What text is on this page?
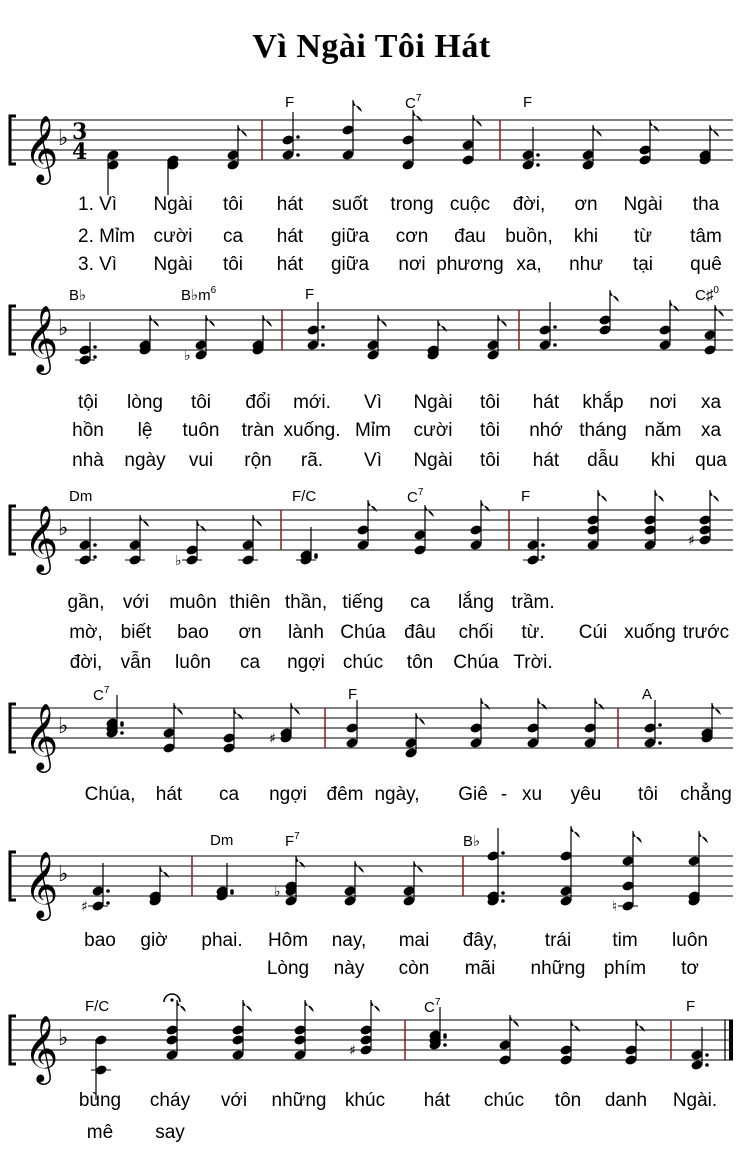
Vì Ngài Tôi Hát
𝄞 ♭ 3
4
F	$C^7$	F
1. Vì Ngài tôi hát suốt trong cuộc đời, ơn Ngài tha
2. Mỉm cười ca hát giữa cơn đau buồn, khi từ tâm
3. Vì Ngài tôi hát giữa nơi phương xa, như tại quê
𝄞 ♭
♭
B♭	$B♭m^6$	F	C♯$^0$
tội lòng tôi đổi mới. Vì Ngài tôi hát khắp nơi xa
hồn lệ tuôn tràn xuống. Mỉm cười tôi nhớ tháng năm xa
nhà ngày vui rộn rã. Vì Ngài tôi hát dẫu khi qua
𝄞 ♭
♭
♯
Dm	F/C	$C^7$	F
gần, với muôn thiên thần, tiếng ca lắng trầm.
mờ, biết bao ơn lành Chúa đâu chối từ. Cúi xuống trước
đời, vẫn luôn ca ngợi chúc tôn Chúa Trời.
𝄞 ♭	♯
$C^7$	F	A
Chúa, hát ca ngợi đêm ngày, Giê - xu yêu tôi chẳng
𝄞 ♭
♯
♭
♮
Dm	$F^7$	B♭
bao giờ phai. Hôm nay, mai đây,	trái tim luôn
Lòng này còn mãi những phím tơ
𝄞 ♭	♯
F/C	$C^7$	F
bùng cháy với những khúc hát chúc tôn danh Ngài.
mê say
